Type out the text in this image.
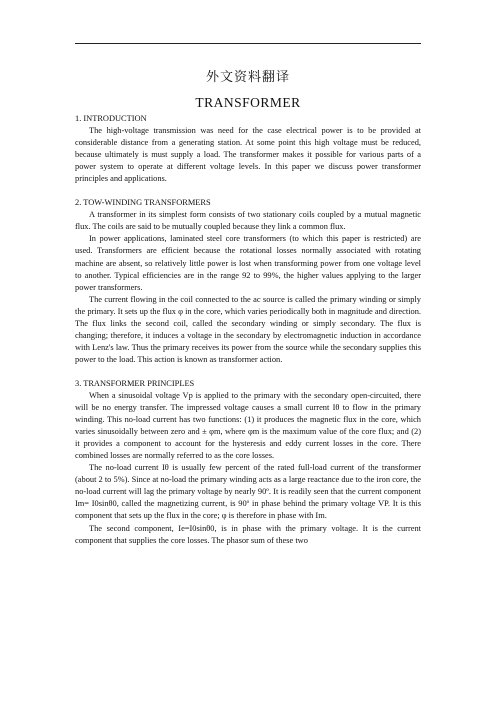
外文资料翻译
TRANSFORMER
1. INTRODUCTION

The high-voltage transmission was need for the case electrical power is to be provided at considerable distance from a generating station. At some point this high voltage must be reduced, because ultimately is must supply a load. The transformer makes it possible for various parts of a power system to operate at different voltage levels. In this paper we discuss power transformer principles and applications.

2. TOW-WINDING TRANSFORMERS

A transformer in its simplest form consists of two stationary coils coupled by a mutual magnetic flux. The coils are said to be mutually coupled because they link a common flux.

In power applications, laminated steel core transformers (to which this paper is restricted) are used. Transformers are efficient because the rotational losses normally associated with rotating machine are absent, so relatively little power is lost when transforming power from one voltage level to another. Typical efficiencies are in the range 92 to 99%, the higher values applying to the larger power transformers.

The current flowing in the coil connected to the ac source is called the primary winding or simply the primary. It sets up the flux φ in the core, which varies periodically both in magnitude and direction. The flux links the second coil, called the secondary winding or simply secondary. The flux is changing; therefore, it induces a voltage in the secondary by electromagnetic induction in accordance with Lenz's law. Thus the primary receives its power from the source while the secondary supplies this power to the load. This action is known as transformer action.

3. TRANSFORMER PRINCIPLES

When a sinusoidal voltage Vp is applied to the primary with the secondary open-circuited, there will be no energy transfer. The impressed voltage causes a small current Iθ to flow in the primary winding. This no-load current has two functions: (1) it produces the magnetic flux in the core, which varies sinusoidally between zero and ± φm, where φm is the maximum value of the core flux; and (2) it provides a component to account for the hysteresis and eddy current losses in the core. There combined losses are normally referred to as the core losses.

The no-load current Iθ is usually few percent of the rated full-load current of the transformer (about 2 to 5%). Since at no-load the primary winding acts as a large reactance due to the iron core, the no-load current will lag the primary voltage by nearly 90º. It is readily seen that the current component Im= I0sinθ0, called the magnetizing current, is 90º in phase behind the primary voltage VP. It is this component that sets up the flux in the core; φ is therefore in phase with Im.

The second component, Ie=I0sinθ0, is in phase with the primary voltage. It is the current component that supplies the core losses. The phasor sum of these two
